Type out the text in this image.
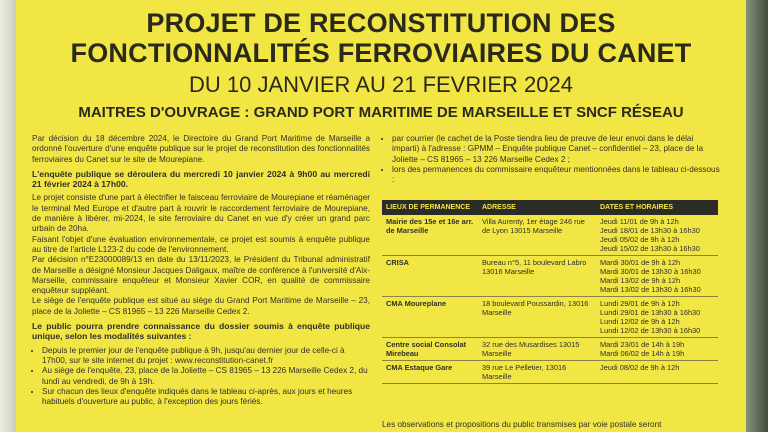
PROJET DE RECONSTITUTION DES
FONCTIONNALITÉS FERROVIAIRES DU CANET
DU 10 JANVIER AU 21 FEVRIER 2024
MAITRES D'OUVRAGE : GRAND PORT MARITIME DE MARSEILLE ET SNCF RÉSEAU

Par décision du 18 décembre 2024, le Directoire du Grand Port Maritime de Marseille a ordonné l'ouverture d'une enquête publique sur le projet de reconstitution des fonctionnalités ferroviaires du Canet sur le site de Mourepiane.

L'enquête publique se déroulera du mercredi 10 janvier 2024 à 9h00 au mercredi 21 février 2024 à 17h00.

Le projet consiste d'une part à électrifier le faisceau ferroviaire de Mourepiane et réaménager le terminal Med Europe et d'autre part à rouvrir le raccordement ferroviaire de Mourepiane, de manière à libérer, mi-2024, le site ferroviaire du Canet en vue d'y créer un grand parc urbain de 20ha.

Faisant l'objet d'une évaluation environnementale, ce projet est soumis à enquête publique au titre de l'article L123-2 du code de l'environnement.

Par décision n°E23000089/13 en date du 13/11/2023, le Président du Tribunal administratif de Marseille a désigné Monsieur Jacques Daligaux, maître de conférence à l'université d'Aix-Marseille, commissaire enquêteur et Monsieur Xavier COR, en qualité de commissaire enquêteur suppléant.

Le siège de l'enquête publique est situé au siège du Grand Port Maritime de Marseille – 23, place de la Joliette – CS 81965 – 13 226 Marseille Cedex 2.

Le public pourra prendre connaissance du dossier soumis à enquête publique unique, selon les modalités suivantes :

• Depuis le premier jour de l'enquête publique à 9h, jusqu'au dernier jour de celle-ci à 17h00, sur le site internet du projet : www.reconstitution-canet.fr
• Au siège de l'enquête, 23, place de la Joliette – CS 81965 – 13 226 Marseille Cedex 2, du lundi au vendredi, de 9h à 19h.
• Sur chacun des lieux d'enquête indiqués dans le tableau ci-après, aux jours et heures habituels d'ouverture au public, à l'exception des jours fériés.
• par courrier (le cachet de la Poste tiendra lieu de preuve de leur envoi dans le délai imparti) à l'adresse : GPMM – Enquête publique Canet – confidentiel – 23, place de la Joliette – CS 81965 – 13 226 Marseille Cedex 2 ;
• lors des permanences du commissaire enquêteur mentionnées dans le tableau ci-dessous :
LIEUX DE PERMANENCE	ADRESSE	DATES ET HORAIRES
Mairie des 15e et 16e arr. de Marseille	Villa Aurenty, 1er étage 246 rue de Lyon 13015 Marseille	Jeudi 11/01 de 9h à 12h
Jeudi 18/01 de 13h30 à 16h30
Jeudi 05/02 de 9h à 12h
Jeudi 15/02 de 13h30 à 16h30
CRISA	Bureau n°5, 11 boulevard Labro 13016 Marseille	Mardi 30/01 de 9h à 12h
Mardi 30/01 de 13h30 à 16h30
Mardi 13/02 de 9h à 12h
Mardi 13/02 de 13h30 à 16h30
CMA Moureplane	18 boulevard Poussardin, 13016 Marseille	Lundi 29/01 de 9h à 12h
Lundi 29/01 de 13h30 à 16h30
Lundi 12/02 de 9h à 12h
Lundi 12/02 de 13h30 à 16h30
Centre social Consolat Mirebeau	32 rue des Musardises 13015 Marseille	Mardi 23/01 de 14h à 19h
Mardi 06/02 de 14h à 19h
CMA Estaque Gare	39 rue Le Pelletier, 13016 Marseille	Jeudi 08/02 de 9h à 12h
Les observations et propositions du public transmises par voie postale seront
